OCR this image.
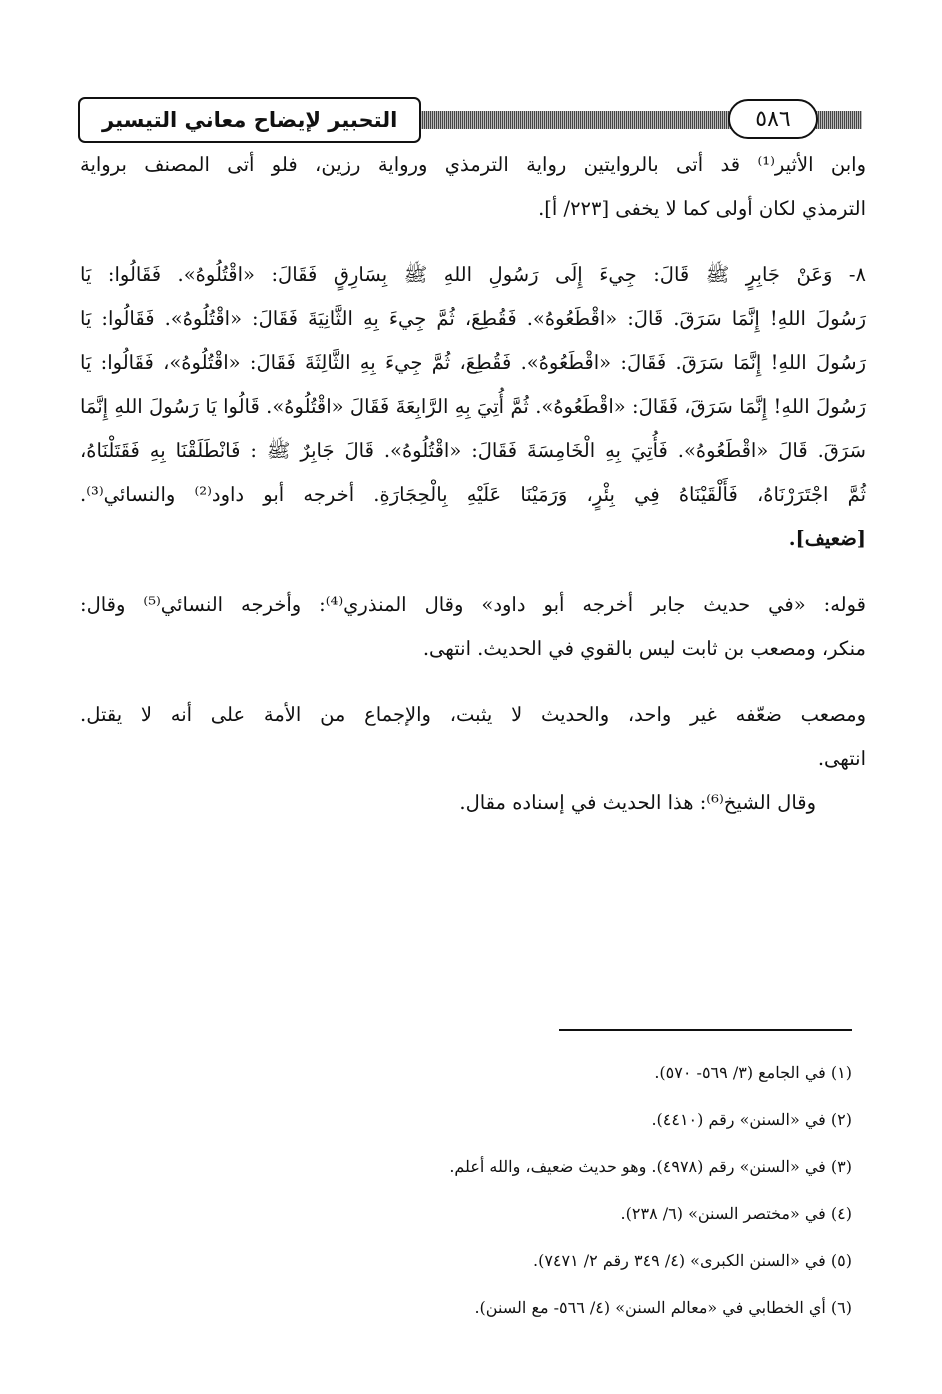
التحبير لإيضاح معاني التيسير	٥٨٦
وابن الأثير⁽¹⁾ قد أتى بالروايتين رواية الترمذي ورواية رزين، فلو أتى المصنف برواية
الترمذي لكان أولى كما لا يخفى [٢٢٣/ أ].
٨- وَعَنْ جَابِرٍ ﷺ قَالَ: جِيءَ إِلَى رَسُولِ اللهِ ﷺ بِسَارِقٍ فَقَالَ: «اقْتُلُوهُ». فَقَالُوا: يَا
رَسُولَ اللهِ! إِنَّمَا سَرَقَ. قَالَ: «اقْطَعُوهُ». فَقُطِعَ، ثُمَّ جِيءَ بِهِ الثَّانِيَةَ فَقَالَ: «اقْتُلُوهُ». فَقَالُوا: يَا
رَسُولَ اللهِ! إِنَّمَا سَرَقَ. فَقَالَ: «اقْطَعُوهُ». فَقُطِعَ، ثُمَّ جِيءَ بِهِ الثَّالِثَةَ فَقَالَ: «اقْتُلُوهُ»، فَقَالُوا: يَا
رَسُولَ اللهِ! إِنَّمَا سَرَقَ، فَقَالَ: «اقْطَعُوهُ». ثُمَّ أُتِيَ بِهِ الرَّابِعَةَ فَقَالَ «اقْتُلُوهُ». قَالُوا يَا رَسُولَ اللهِ إِنَّمَا
سَرَقَ. قَالَ «اقْطَعُوهُ». فَأُتِيَ بِهِ الْخَامِسَةَ فَقَالَ: «اقْتُلُوهُ». قَالَ جَابِرٌ ﷺ : فَانْطَلَقْنَا بِهِ فَقَتَلْنَاهُ،
ثُمَّ اجْتَرَرْنَاهُ، فَأَلْقَيْنَاهُ فِي بِئْرٍ، وَرَمَيْنَا عَلَيْهِ بِالْحِجَارَةِ. أخرجه أبو داود⁽²⁾ والنسائي⁽³⁾.
[ضعيف].
قوله: «في حديث جابر أخرجه أبو داود» وقال المنذري⁽⁴⁾: وأخرجه النسائي⁽⁵⁾ وقال:
منكر، ومصعب بن ثابت ليس بالقوي في الحديث. انتهى.
ومصعب ضعّفه غير واحد، والحديث لا يثبت، والإجماع من الأمة على أنه لا يقتل.
انتهى.
وقال الشيخ⁽⁶⁾: هذا الحديث في إسناده مقال.
(١) في الجامع (٣/ ٥٦٩- ٥٧٠).
(٢) في «السنن» رقم (٤٤١٠).
(٣) في «السنن» رقم (٤٩٧٨). وهو حديث ضعيف، والله أعلم.
(٤) في «مختصر السنن» (٦/ ٢٣٨).
(٥) في «السنن الكبرى» (٤/ ٣٤٩ رقم ٢/ ٧٤٧١).
(٦) أي الخطابي في «معالم السنن» (٤/ ٥٦٦- مع السنن).
